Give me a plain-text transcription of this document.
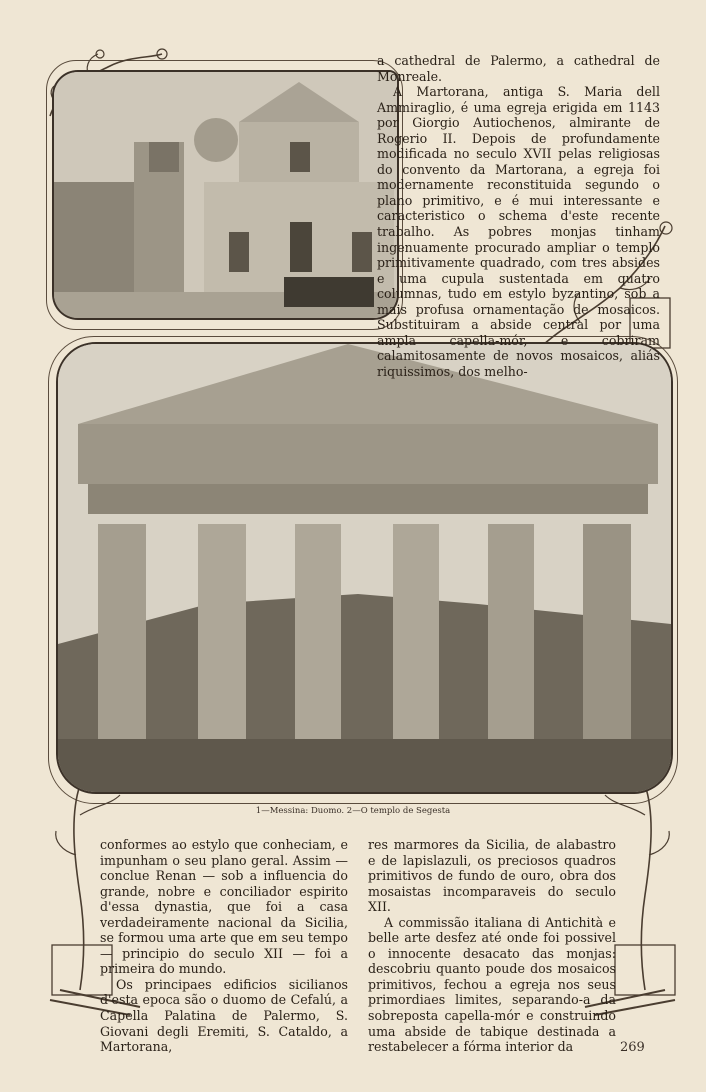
a cathedral de Palermo, a cathedral de Monreale.

A Martorana, antiga S. Maria dell Ammiraglio, é uma egreja erigida em 1143 por Giorgio Autiochenos, almirante de Rogerio II. Depois de profundamente modificada no seculo XVII pelas religiosas do convento da Martorana, a egreja foi modernamente reconstituida segundo o plano primitivo, e é mui interessante e caracteristico o schema d'este recente trabalho. As pobres monjas tinham ingenuamente procurado ampliar o templo primitivamente quadrado, com tres absides e uma cupula sustentada em quatro columnas, tudo em estylo byzantino, sob a mais profusa ornamentação de mosaicos. Substituiram a abside central por uma ampla capella-mór, e cobriram calamitosamente de novos mosaicos, aliás riquissimos, dos melho-

1—Messina: Duomo. 2—O templo de Segesta

conformes ao estylo que conheciam, e impunham o seu plano geral. Assim — conclue Renan — sob a influencia do grande, nobre e conciliador espirito d'essa dynastia, que foi a casa verdadeiramente nacional da Sicilia, se formou uma arte que em seu tempo — principio do seculo XII — foi a primeira do mundo.

Os principaes edificios sicilianos d'esta epoca são o duomo de Cefalú, a Capella Palatina de Palermo, S. Giovani degli Eremiti, S. Cataldo, a Martorana,

res marmores da Sicilia, de alabastro e de lapislazuli, os preciosos quadros primitivos de fundo de ouro, obra dos mosaistas incomparaveis do seculo XII.

A commissão italiana di Antichità e belle arte desfez até onde foi possivel o innocente desacato das monjas: descobriu quanto poude dos mosaicos primitivos, fechou a egreja nos seus primordiaes limites, separando-a da sobreposta capella-mór e construindo uma abside de tabique destinada a restabelecer a fórma interior da	269
